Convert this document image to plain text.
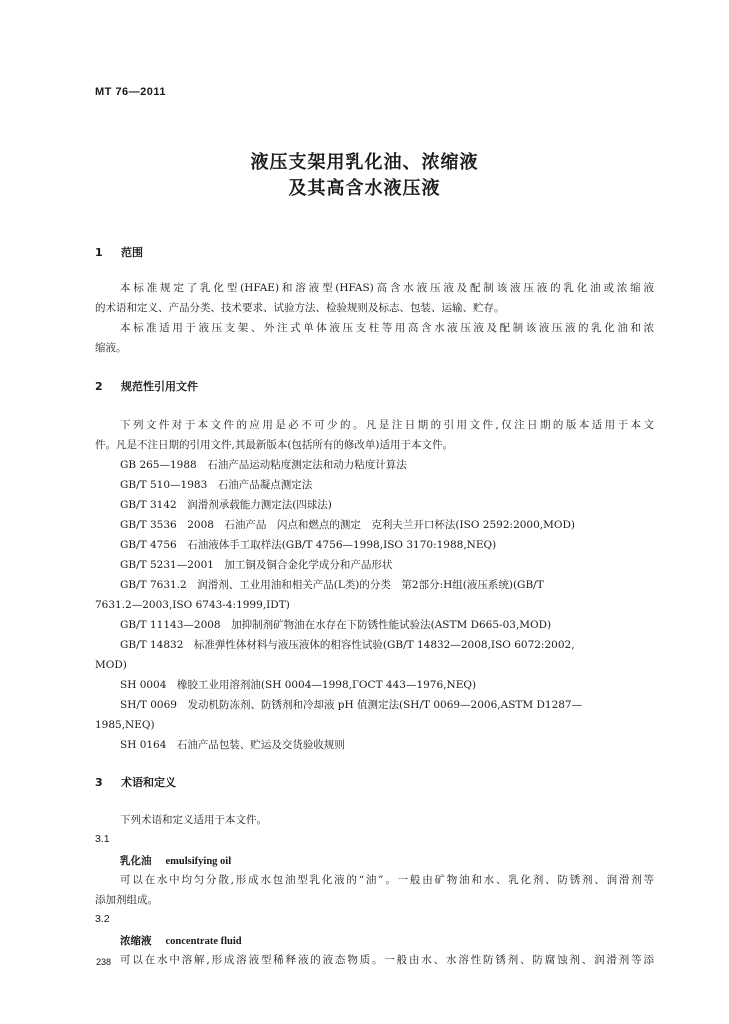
MT 76—2011
液压支架用乳化油、浓缩液
及其高含水液压液
1 范围
本标准规定了乳化型(HFAE)和溶液型(HFAS)高含水液压液及配制该液压液的乳化油或浓缩液
的术语和定义、产品分类、技术要求、试验方法、检验规则及标志、包装、运输、贮存。
本标准适用于液压支架、外注式单体液压支柱等用高含水液压液及配制该液压液的乳化油和浓
缩液。
2 规范性引用文件
下列文件对于本文件的应用是必不可少的。凡是注日期的引用文件,仅注日期的版本适用于本文
件。凡是不注日期的引用文件,其最新版本(包括所有的修改单)适用于本文件。
GB 265—1988　石油产品运动粘度测定法和动力粘度计算法
GB/T 510—1983　石油产品凝点测定法
GB/T 3142　润滑剂承载能力测定法(四球法)
GB/T 3536　2008　石油产品　闪点和燃点的测定　克利夫兰开口杯法(ISO 2592:2000,MOD)
GB/T 4756　石油液体手工取样法(GB/T 4756—1998,ISO 3170:1988,NEQ)
GB/T 5231—2001　加工铜及铜合金化学成分和产品形状
GB/T 7631.2　润滑剂、工业用油和相关产品(L类)的分类　第2部分:H组(液压系统)(GB/T
7631.2—2003,ISO 6743-4:1999,IDT)
GB/T 11143—2008　加抑制剂矿物油在水存在下防锈性能试验法(ASTM D665-03,MOD)
GB/T 14832　标准弹性体材料与液压液体的相容性试验(GB/T 14832—2008,ISO 6072:2002,
MOD)
SH 0004　橡胶工业用溶剂油(SH 0004—1998,ГОСТ 443—1976,NEQ)
SH/T 0069　发动机防冻剂、防锈剂和冷却液 pH 值测定法(SH/T 0069—2006,ASTM D1287—
1985,NEQ)
SH 0164　石油产品包装、贮运及交货验收规则
3 术语和定义
下列术语和定义适用于本文件。
3.1
乳化油 emulsifying oil
可以在水中均匀分散,形成水包油型乳化液的“油”。一般由矿物油和水、乳化剂、防锈剂、润滑剂等
添加剂组成。
3.2
浓缩液 concentrate fluid
可以在水中溶解,形成溶液型稀释液的液态物质。一般由水、水溶性防锈剂、防腐蚀剂、润滑剂等添
238
